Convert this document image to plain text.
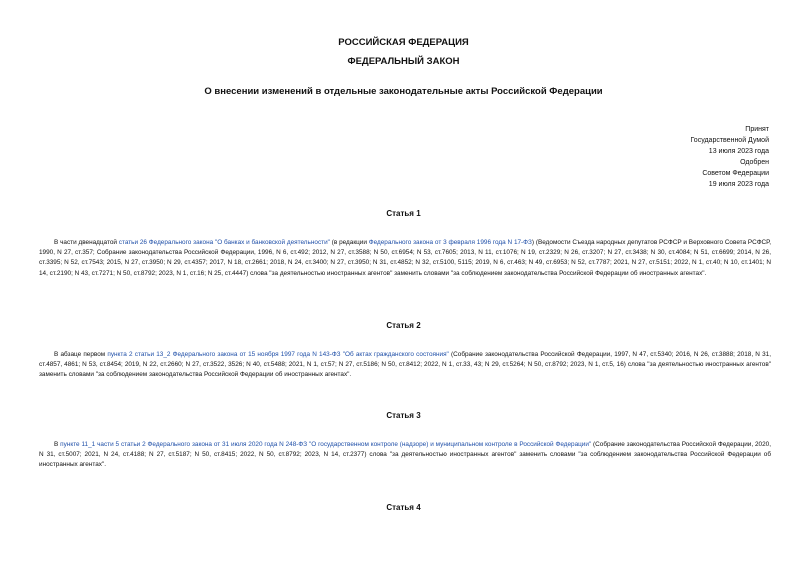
РОССИЙСКАЯ ФЕДЕРАЦИЯ
ФЕДЕРАЛЬНЫЙ ЗАКОН
О внесении изменений в отдельные законодательные акты Российской Федерации
Принят
Государственной Думой
13 июля 2023 года
Одобрен
Советом Федерации
19 июля 2023 года
Статья 1
В части двенадцатой статьи 26 Федерального закона "О банках и банковской деятельности" (в редакции Федерального закона от 3 февраля 1996 года N 17-ФЗ) (Ведомости Съезда народных депутатов РСФСР и Верховного Совета РСФСР, 1990, N 27, ст.357; Собрание законодательства Российской Федерации, 1996, N 6, ст.492; 2012, N 27, ст.3588; N 50, ст.6954; N 53, ст.7605; 2013, N 11, ст.1076; N 19, ст.2329; N 26, ст.3207; N 27, ст.3438; N 30, ст.4084; N 51, ст.6699; 2014, N 26, ст.3395; N 52, ст.7543; 2015, N 27, ст.3950; N 29, ст.4357; 2017, N 18, ст.2661; 2018, N 24, ст.3400; N 27, ст.3950; N 31, ст.4852; N 32, ст.5100, 5115; 2019, N 6, ст.463; N 49, ст.6953; N 52, ст.7787; 2021, N 27, ст.5151; 2022, N 1, ст.40; N 10, ст.1401; N 14, ст.2190; N 43, ст.7271; N 50, ст.8792; 2023, N 1, ст.16; N 25, ст.4447) слова "за деятельностью иностранных агентов" заменить словами "за соблюдением законодательства Российской Федерации об иностранных агентах".
Статья 2
В абзаце первом пункта 2 статьи 13_2 Федерального закона от 15 ноября 1997 года N 143-ФЗ "Об актах гражданского состояния" (Собрание законодательства Российской Федерации, 1997, N 47, ст.5340; 2016, N 26, ст.3888; 2018, N 31, ст.4857, 4861; N 53, ст.8454; 2019, N 22, ст.2660; N 27, ст.3522, 3526; N 40, ст.5488; 2021, N 1, ст.57; N 27, ст.5186; N 50, ст.8412; 2022, N 1, ст.33, 43; N 29, ст.5264; N 50, ст.8792; 2023, N 1, ст.5, 16) слова "за деятельностью иностранных агентов" заменить словами "за соблюдением законодательства Российской Федерации об иностранных агентах".
Статья 3
В пункте 11_1 части 5 статьи 2 Федерального закона от 31 июля 2020 года N 248-ФЗ "О государственном контроле (надзоре) и муниципальном контроле в Российской Федерации" (Собрание законодательства Российской Федерации, 2020, N 31, ст.5007; 2021, N 24, ст.4188; N 27, ст.5187; N 50, ст.8415; 2022, N 50, ст.8792; 2023, N 14, ст.2377) слова "за деятельностью иностранных агентов" заменить словами "за соблюдением законодательства Российской Федерации об иностранных агентах".
Статья 4
